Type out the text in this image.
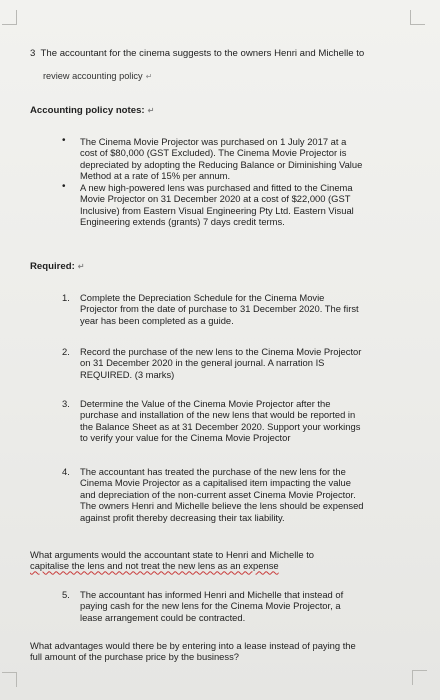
3 The accountant for the cinema suggests to the owners Henri and Michelle to
review accounting policy ↵
Accounting policy notes: ↵
• The Cinema Movie Projector was purchased on 1 July 2017 at a
cost of $80,000 (GST Excluded). The Cinema Movie Projector is
depreciated by adopting the Reducing Balance or Diminishing Value
Method at a rate of 15% per annum.
• A new high-powered lens was purchased and fitted to the Cinema
Movie Projector on 31 December 2020 at a cost of $22,000 (GST
Inclusive) from Eastern Visual Engineering Pty Ltd. Eastern Visual
Engineering extends (grants) 7 days credit terms.
Required: ↵
1. Complete the Depreciation Schedule for the Cinema Movie
Projector from the date of purchase to 31 December 2020. The first
year has been completed as a guide.
2. Record the purchase of the new lens to the Cinema Movie Projector
on 31 December 2020 in the general journal. A narration IS
REQUIRED. (3 marks)
3. Determine the Value of the Cinema Movie Projector after the
purchase and installation of the new lens that would be reported in
the Balance Sheet as at 31 December 2020. Support your workings
to verify your value for the Cinema Movie Projector
4. The accountant has treated the purchase of the new lens for the
Cinema Movie Projector as a capitalised item impacting the value
and depreciation of the non-current asset Cinema Movie Projector.
The owners Henri and Michelle believe the lens should be expensed
against profit thereby decreasing their tax liability.
What arguments would the accountant state to Henri and Michelle to
capitalise the lens and not treat the new lens as an expense
5. The accountant has informed Henri and Michelle that instead of
paying cash for the new lens for the Cinema Movie Projector, a
lease arrangement could be contracted.
What advantages would there be by entering into a lease instead of paying the
full amount of the purchase price by the business?
